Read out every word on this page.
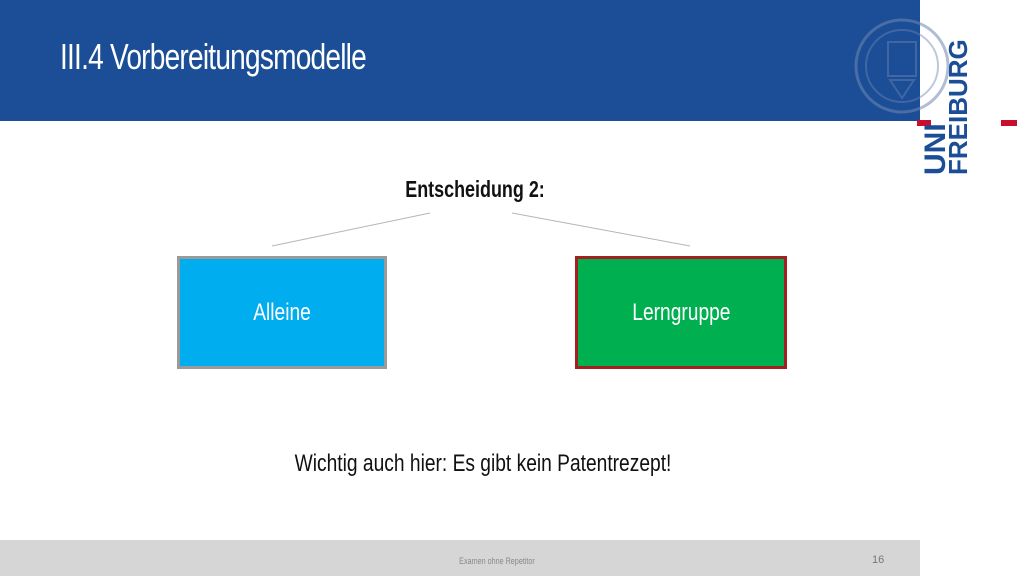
III.4 Vorbereitungsmodelle
UNI
FREIBURG
Entscheidung 2:
Alleine	Lerngruppe
Wichtig auch hier: Es gibt kein Patentrezept!
Examen ohne Repetitor	16
